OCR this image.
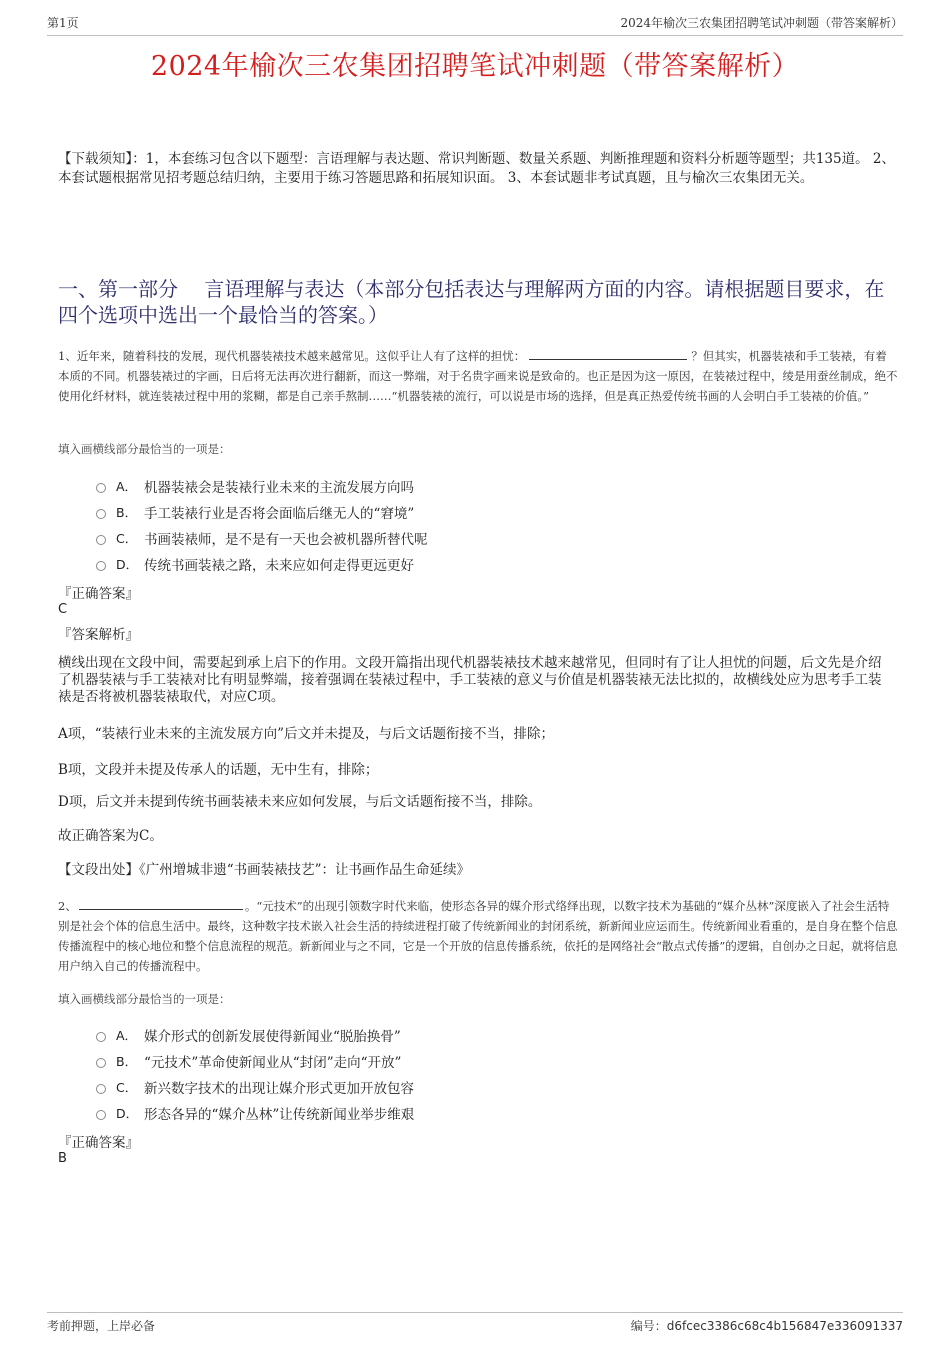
第1页	2024年榆次三农集团招聘笔试冲刺题（带答案解析）
2024年榆次三农集团招聘笔试冲刺题（带答案解析）
【下载须知】：1，本套练习包含以下题型：言语理解与表达题、常识判断题、数量关系题、判断推理题和资料分析题等题型；共135道。 2、本套试题根据常见招考题总结归纳，主要用于练习答题思路和拓展知识面。 3、本套试题非考试真题，且与榆次三农集团无关。
一、第一部分　 言语理解与表达（本部分包括表达与理解两方面的内容。请根据题目要求，在四个选项中选出一个最恰当的答案。）
1、近年来，随着科技的发展，现代机器装裱技术越来越常见。这似乎让人有了这样的担忧：	？但其实，机器装裱和手工装裱，有着本质的不同。机器装裱过的字画，日后将无法再次进行翻新，而这一弊端，对于名贵字画来说是致命的。也正是因为这一原因，在装裱过程中，绫是用蚕丝制成，绝不使用化纤材料，就连装裱过程中用的浆糊，都是自己亲手熬制……“机器装裱的流行，可以说是市场的选择，但是真正热爱传统书画的人会明白手工装裱的价值。”
填入画横线部分最恰当的一项是：
A． 机器装裱会是装裱行业未来的主流发展方向吗
B． 手工装裱行业是否将会面临后继无人的“窘境”
C． 书画装裱师，是不是有一天也会被机器所替代呢
D． 传统书画装裱之路，未来应如何走得更远更好
『正确答案』
C
『答案解析』
横线出现在文段中间，需要起到承上启下的作用。文段开篇指出现代机器装裱技术越来越常见，但同时有了让人担忧的问题，后文先是介绍了机器装裱与手工装裱对比有明显弊端，接着强调在装裱过程中，手工装裱的意义与价值是机器装裱无法比拟的，故横线处应为思考手工装裱是否将被机器装裱取代，对应C项。
A项，“装裱行业未来的主流发展方向”后文并未提及，与后文话题衔接不当，排除；
B项，文段并未提及传承人的话题，无中生有，排除；
D项，后文并未提到传统书画装裱未来应如何发展，与后文话题衔接不当，排除。
故正确答案为C。
【文段出处】《广州增城非遗“书画装裱技艺”：让书画作品生命延续》
2、	。“元技术”的出现引领数字时代来临，使形态各异的媒介形式络绎出现，以数字技术为基础的“媒介丛林”深度嵌入了社会生活特别是社会个体的信息生活中。最终，这种数字技术嵌入社会生活的持续进程打破了传统新闻业的封闭系统，新新闻业应运而生。传统新闻业看重的，是自身在整个信息传播流程中的核心地位和整个信息流程的规范。新新闻业与之不同，它是一个开放的信息传播系统，依托的是网络社会“散点式传播”的逻辑，自创办之日起，就将信息用户纳入自己的传播流程中。
填入画横线部分最恰当的一项是：
A． 媒介形式的创新发展使得新闻业“脱胎换骨”
B． “元技术”革命使新闻业从“封闭”走向“开放”
C． 新兴数字技术的出现让媒介形式更加开放包容
D． 形态各异的“媒介丛林”让传统新闻业举步维艰
『正确答案』
B
考前押题，上岸必备	编号：d6fcec3386c68c4b156847e336091337
